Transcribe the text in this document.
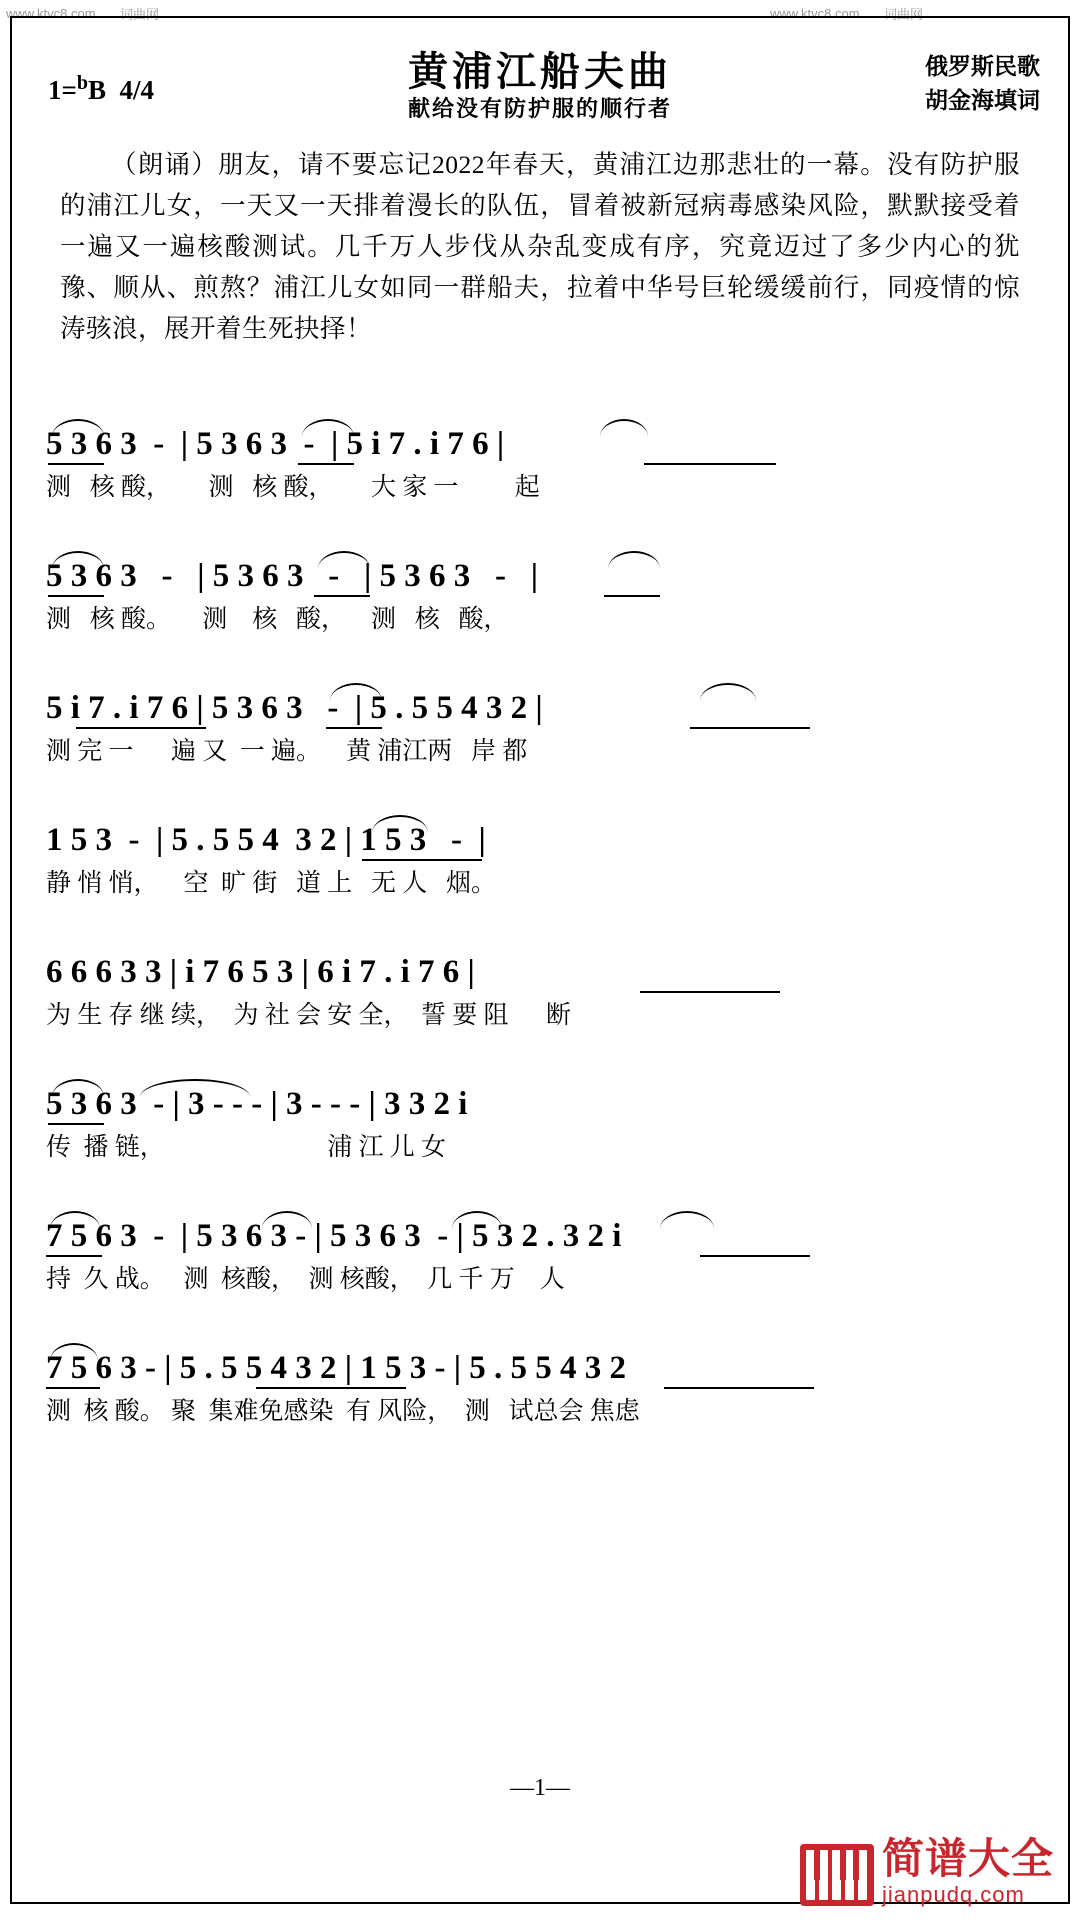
www.ktvc8.com 词曲网	www.ktvc8.com 词曲网
1=$^b$B 4/4	黄浦江船夫曲
献给没有防护服的顺行者
俄罗斯民歌
胡金海填词
（朗诵）朋友，请不要忘记2022年春天，黄浦江边那悲壮的一幕。没有防护服的浦江儿女，一天又一天排着漫长的队伍，冒着被新冠病毒感染风险，默默接受着一遍又一遍核酸测试。几千万人步伐从杂乱变成有序，究竟迈过了多少内心的犹豫、顺从、煎熬？浦江儿女如同一群船夫，拉着中华号巨轮缓缓前行，同疫情的惊涛骇浪，展开着生死抉择！
5 3 6 3  -  | 5 3 6 3  -  | 5 i 7 . i 7 6 |
测   核 酸，      测   核 酸，      大 家 一         起
5 3 6 3   -   | 5 3 6 3   -   | 5 3 6 3   -   |
测   核 酸。     测    核   酸，    测   核   酸，
5 i 7 . i 7 6 | 5 3 6 3   -  | 5 . 5 5 4 3 2 |
测 完 一      遍 又  一 遍。    黄 浦江两   岸 都
1 5 3  -  | 5 . 5 5 4  3 2 | 1 5 3   -  |
静 悄 悄，    空  旷 街   道 上   无 人   烟。
6 6 6 3 3 | i 7 6 5 3 | 6 i 7 . i 7 6 |
为 生 存 继 续，  为 社 会 安 全，  誓 要 阻      断
5 3 6 3  - | 3 - - - | 3 - - - | 3 3 2 i
传  播 链，                          浦 江 儿 女
7 5 6 3  -  | 5 3 6 3 - | 5 3 6 3  - | 5 3 2 . 3 2 i
持  久 战。   测  核酸，  测 核酸，  几 千 万    人
7 5 6 3 - | 5 . 5 5 4 3 2 | 1 5 3 - | 5 . 5 5 4 3 2
测  核 酸。 聚  集难免感染  有 风险，  测   试总会 焦虑
—1—
简谱大全
jianpudq.com
